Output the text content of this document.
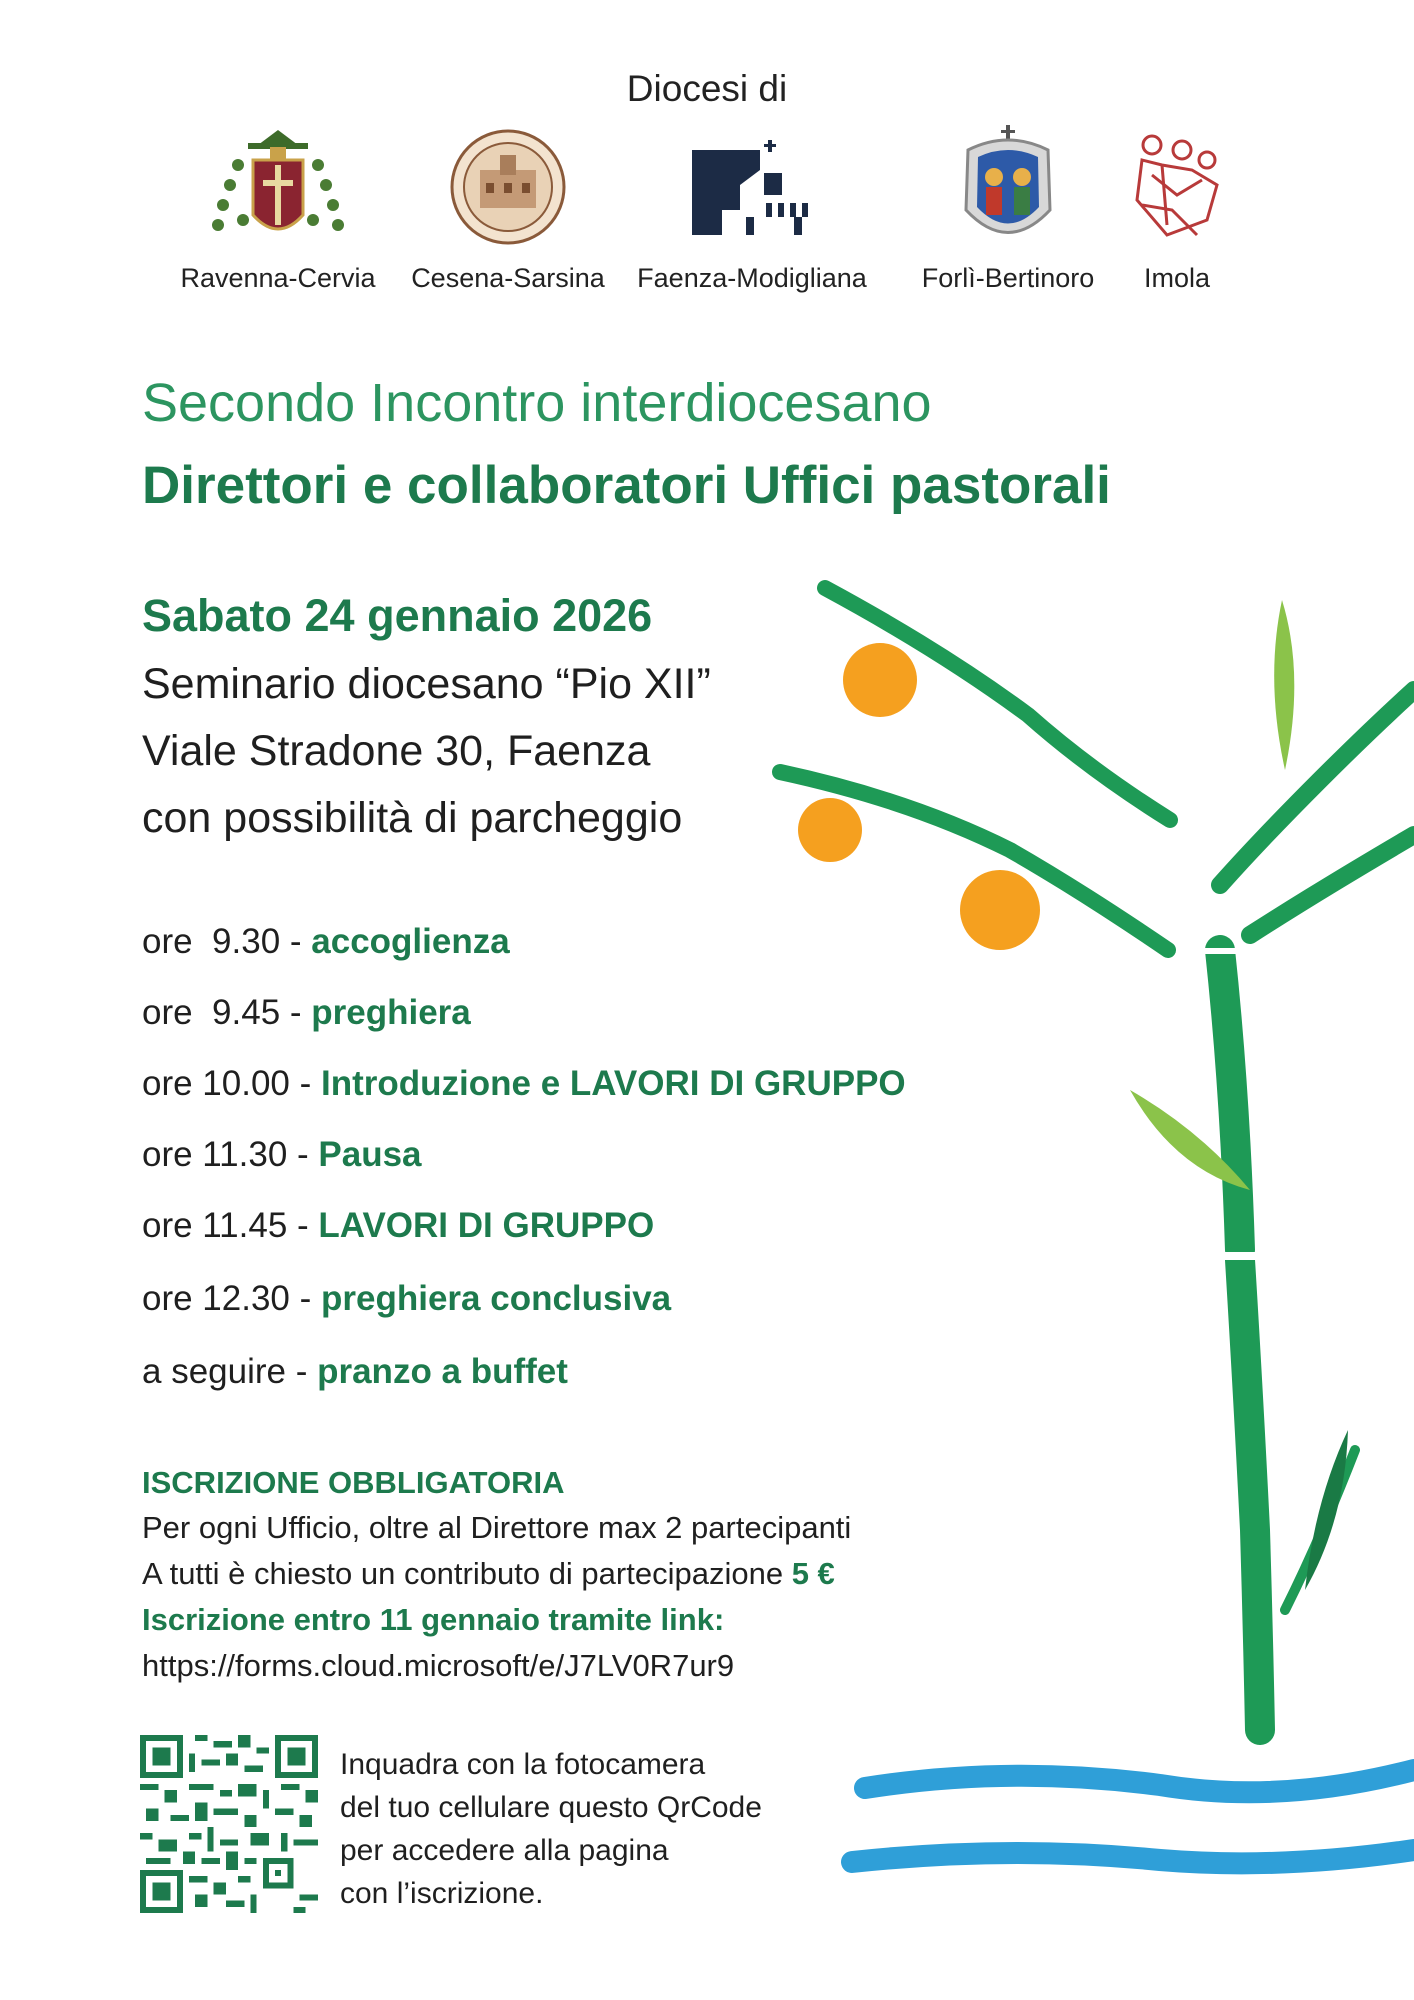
Diocesi di
Ravenna-Cervia	Cesena-Sarsina	Faenza-Modigliana	Forlì-Bertinoro	Imola
Secondo Incontro interdiocesano
Direttori e collaboratori Uffici pastorali
Sabato 24 gennaio 2026
Seminario diocesano “Pio XII”
Viale Stradone 30, Faenza
con possibilità di parcheggio
ore  9.30 - accoglienza
ore  9.45 - preghiera
ore 10.00 - Introduzione e LAVORI DI GRUPPO
ore 11.30 - Pausa
ore 11.45 - LAVORI DI GRUPPO
ore 12.30 - preghiera conclusiva
a seguire - pranzo a buffet
ISCRIZIONE OBBLIGATORIA
Per ogni Ufficio, oltre al Direttore max 2 partecipanti
A tutti è chiesto un contributo di partecipazione 5 €
Iscrizione entro 11 gennaio tramite link:
https://forms.cloud.microsoft/e/J7LV0R7ur9
Inquadra con la fotocamera
del tuo cellulare questo QrCode
per accedere alla pagina
con l’iscrizione.
